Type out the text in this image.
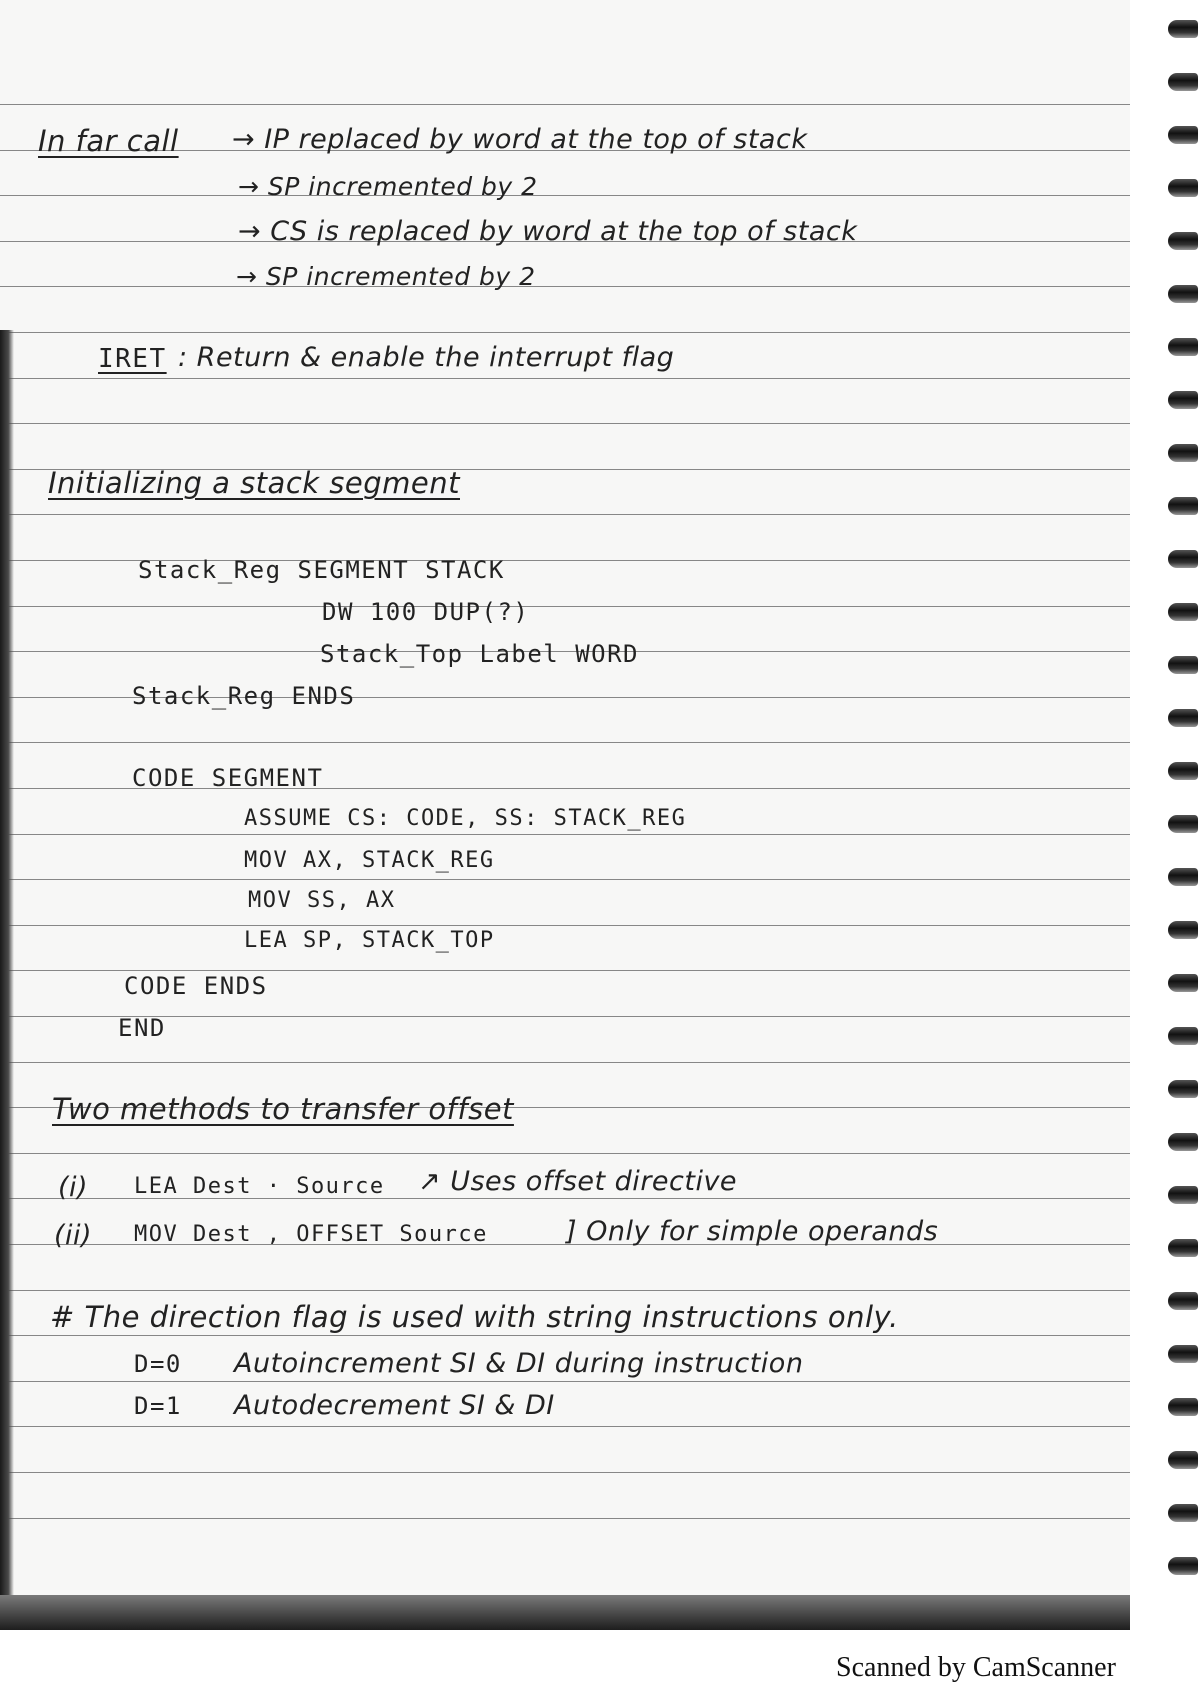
In far call → IP replaced by word at the top of stack
→ SP incremented by 2
→ CS is replaced by word at the top of stack
→ SP incremented by 2
IRET : Return & enable the interrupt flag
Initializing a stack segment
Stack_Reg SEGMENT STACK
DW 100 DUP(?)
Stack_Top Label WORD
Stack_Reg ENDS
CODE SEGMENT
ASSUME CS: CODE, SS: STACK_REG
MOV AX, STACK_REG
MOV SS, AX
LEA SP, STACK_TOP
CODE ENDS
END
Two methods to transfer offset
(i) LEA Dest · Source ↗ Uses offset directive
(ii) MOV Dest , OFFSET Source	] Only for simple operands
# The direction flag is used with string instructions only.
D=0 Autoincrement SI & DI during instruction
D=1 Autodecrement SI & DI
Scanned by CamScanner
